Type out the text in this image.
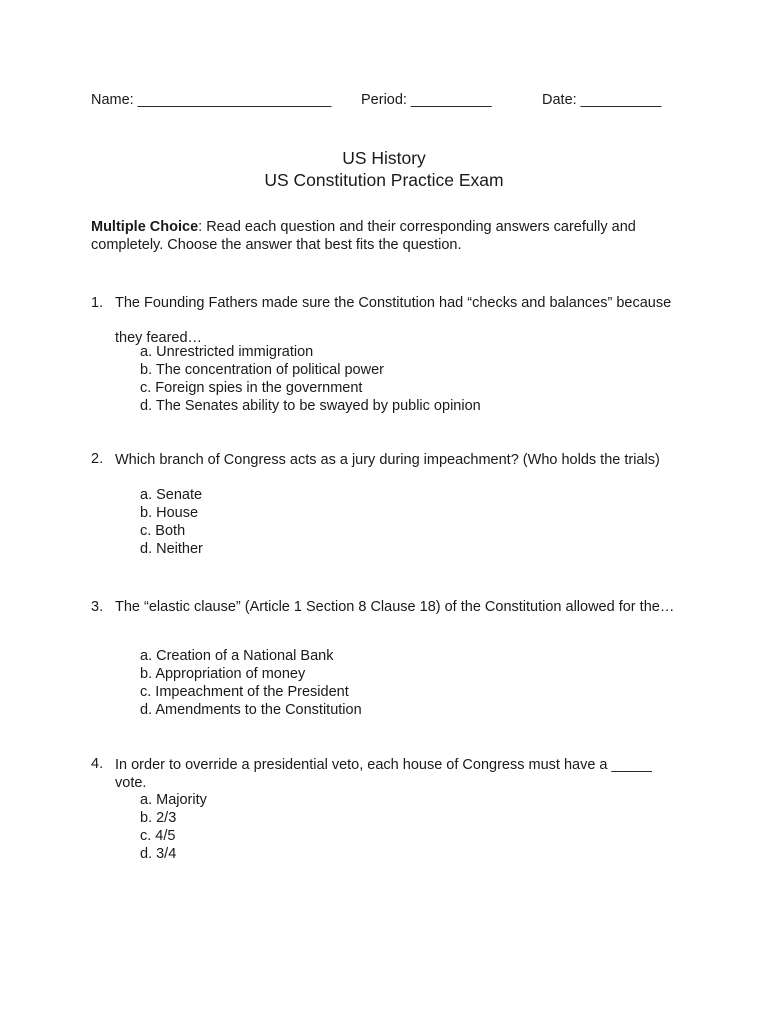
Name: ________________________ Period: __________	Date: __________
US History
US Constitution Practice Exam
Multiple Choice: Read each question and their corresponding answers carefully and completely. Choose the answer that best fits the question.
1. The Founding Fathers made sure the Constitution had “checks and balances” because they feared…
a. Unrestricted immigration
b. The concentration of political power
c. Foreign spies in the government
d. The Senates ability to be swayed by public opinion
2. Which branch of Congress acts as a jury during impeachment? (Who holds the trials)
a. Senate
b. House
c. Both
d. Neither
3. The “elastic clause” (Article 1 Section 8 Clause 18) of the Constitution allowed for the…
a. Creation of a National Bank
b. Appropriation of money
c. Impeachment of the President
d. Amendments to the Constitution
4. In order to override a presidential veto, each house of Congress must have a _____ vote.
a. Majority
b. 2/3
c. 4/5
d. 3/4
